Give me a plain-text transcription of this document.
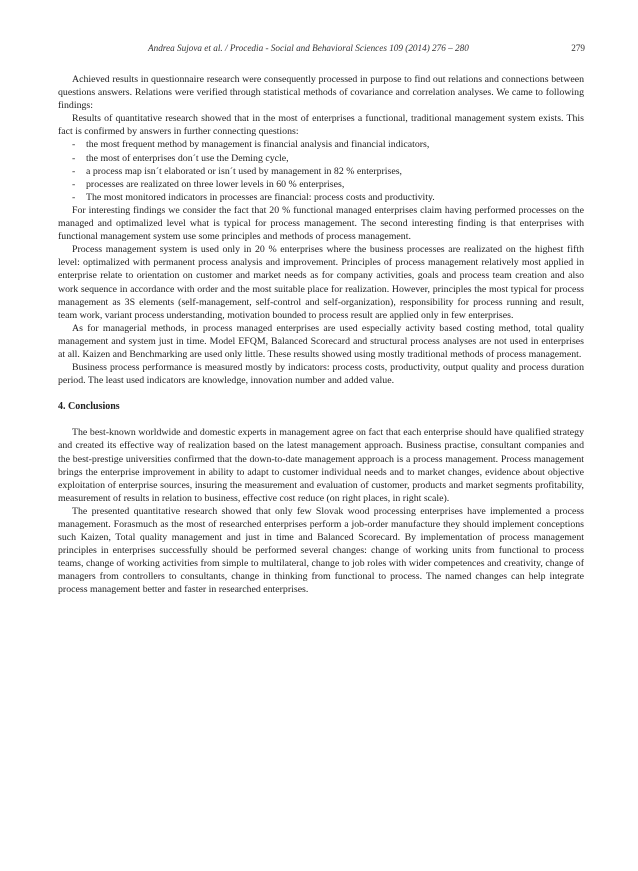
Andrea Sujova et al. / Procedia - Social and Behavioral Sciences 109 (2014) 276 – 280	279

Achieved results in questionnaire research were consequently processed in purpose to find out relations and connections between questions answers. Relations were verified through statistical methods of covariance and correlation analyses. We came to following findings:

Results of quantitative research showed that in the most of enterprises a functional, traditional management system exists. This fact is confirmed by answers in further connecting questions:

- the most frequent method by management is financial analysis and financial indicators,
- the most of enterprises don´t use the Deming cycle,
- a process map isn´t elaborated or isn´t used by management in 82 % enterprises,
- processes are realizated on three lower levels in 60 % enterprises,
- The most monitored indicators in processes are financial: process costs and productivity.

For interesting findings we consider the fact that 20 % functional managed enterprises claim having performed processes on the managed and optimalized level what is typical for process management. The second interesting finding is that enterprises with functional management system use some principles and methods of process management.

Process management system is used only in 20 % enterprises where the business processes are realizated on the highest fifth level: optimalized with permanent process analysis and improvement. Principles of process management relatively most applied in enterprise relate to orientation on customer and market needs as for company activities, goals and process team creation and also work sequence in accordance with order and the most suitable place for realization. However, principles the most typical for process management as 3S elements (self-management, self-control and self-organization), responsibility for process running and result, team work, variant process understanding, motivation bounded to process result are applied only in few enterprises.

As for managerial methods, in process managed enterprises are used especially activity based costing method, total quality management and system just in time. Model EFQM, Balanced Scorecard and structural process analyses are not used in enterprises at all. Kaizen and Benchmarking are used only little. These results showed using mostly traditional methods of process management.

Business process performance is measured mostly by indicators: process costs, productivity, output quality and process duration period. The least used indicators are knowledge, innovation number and added value.

4. Conclusions

The best-known worldwide and domestic experts in management agree on fact that each enterprise should have qualified strategy and created its effective way of realization based on the latest management approach. Business practise, consultant companies and the best-prestige universities confirmed that the down-to-date management approach is a process management. Process management brings the enterprise improvement in ability to adapt to customer individual needs and to market changes, evidence about objective exploitation of enterprise sources, insuring the measurement and evaluation of customer, products and market segments profitability, measurement of results in relation to business, effective cost reduce (on right places, in right scale).

The presented quantitative research showed that only few Slovak wood processing enterprises have implemented a process management. Forasmuch as the most of researched enterprises perform a job-order manufacture they should implement conceptions such Kaizen, Total quality management and just in time and Balanced Scorecard. By implementation of process management principles in enterprises successfully should be performed several changes: change of working units from functional to process teams, change of working activities from simple to multilateral, change to job roles with wider competences and creativity, change of managers from controllers to consultants, change in thinking from functional to process. The named changes can help integrate process management better and faster in researched enterprises.
